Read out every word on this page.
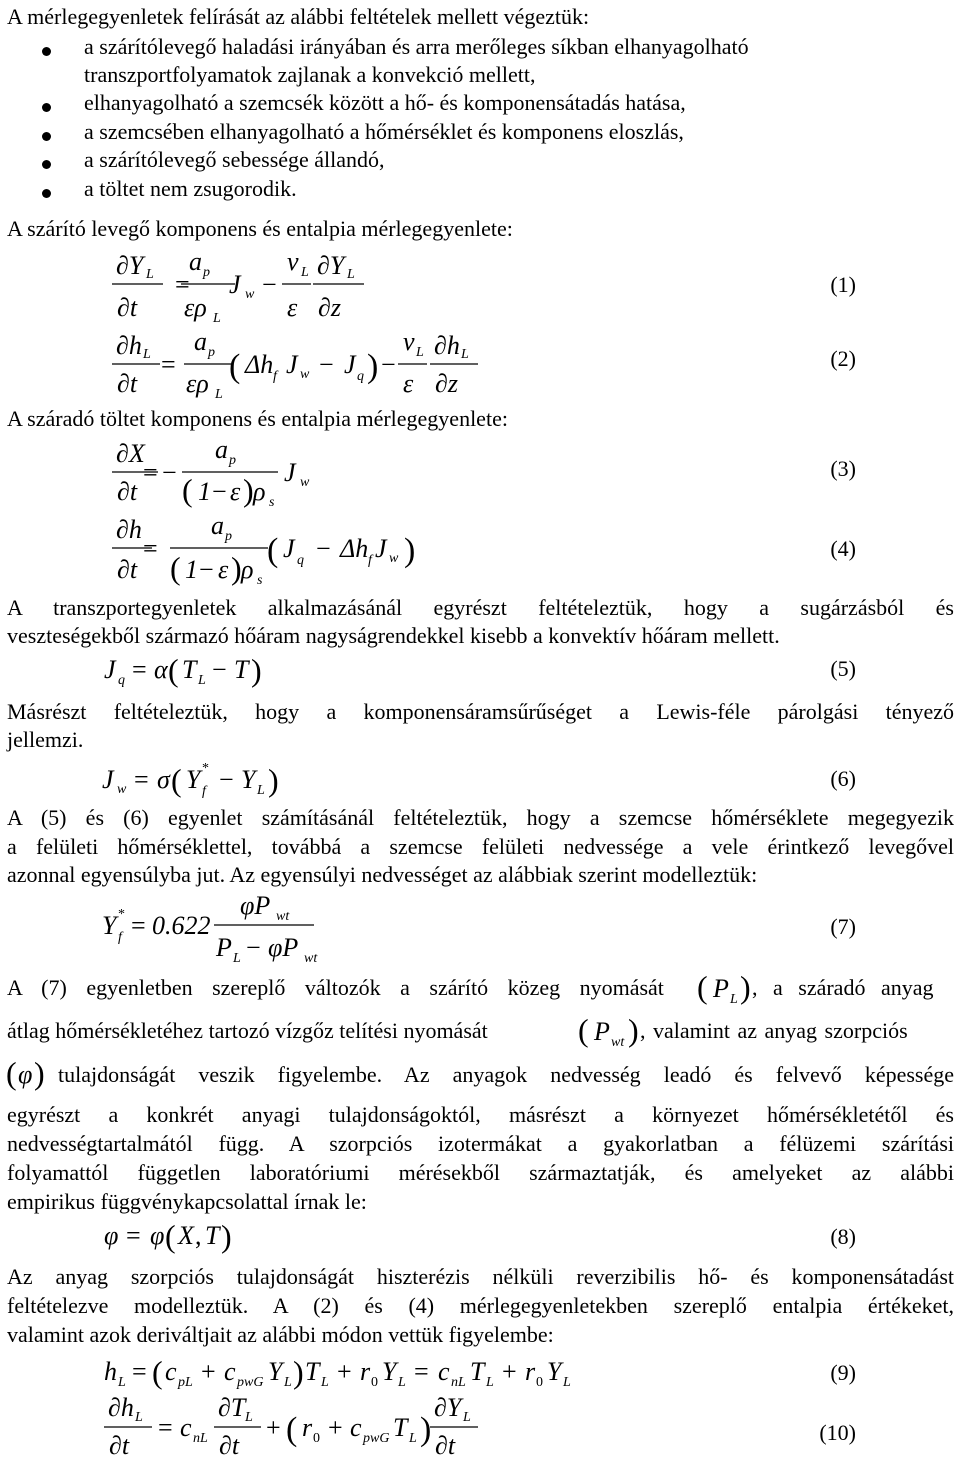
A mérlegegyenletek felírását az alábbi feltételek mellett végeztük:
a szárítólevegő haladási irányában és arra merőleges síkban elhanyagolható
transzportfolyamatok zajlanak a konvekció mellett,
elhanyagolható a szemcsék között a hő- és komponensátadás hatása,
a szemcsében elhanyagolható a hőmérséklet és komponens eloszlás,
a szárítólevegő sebessége állandó,
a töltet nem zsugorodik.
A szárító levegő komponens és entalpia mérlegegyenlete:
∂Y L
∂t
=
a p
ερ L
J w −
v L
ε
∂Y L
∂z
(1)
∂h L
∂t
=
a p
ερ L
( Δh f J w − J q ) −
v L
ε
∂h L
∂z
(2)
A száradó töltet komponens és entalpia mérlegegyenlete:
∂X
∂t
= −
a p
( 1 − ε ) ρ s
J w
(3)
∂h
∂t
=
a p
( 1 − ε ) ρ s
( J q − Δh f J w )	(4)
A transzportegyenletek alkalmazásánál egyrészt feltételeztük, hogy a sugárzásból és
veszteségekből származó hőáram nagyságrendekkel kisebb a konvektív hőáram mellett.
J q = α ( T L − T )	(5)
Másrészt feltételeztük, hogy a komponensáramsűrűséget a Lewis-féle párolgási tényező
jellemzi.
J w = σ ( Y *
f − Y L )	(6)
A (5) és (6) egyenlet számításánál feltételeztük, hogy a szemcse hőmérséklete megegyezik
a felületi hőmérséklettel, továbbá a szemcse felületi nedvessége a vele érintkező levegővel
azonnal egyensúlyba jut. Az egyensúlyi nedvességet az alábbiak szerint modelleztük:
Y *
f = 0.622
φP wt
P L − φP wt
(7)
A (7) egyenletben szereplő változók a szárító közeg nyomását ( P L ) , a száradó anyag
átlag hőmérsékletéhez tartozó vízgőz telítési nyomását	( P wt ) , valamint az anyag szorpciós
( φ ) tulajdonságát veszik figyelembe. Az anyagok nedvesség leadó és felvevő képessége
egyrészt a konkrét anyagi tulajdonságoktól, másrészt a környezet hőmérsékletétől és
nedvességtartalmától függ. A szorpciós izotermákat a gyakorlatban a félüzemi szárítási
folyamattól független laboratóriumi mérésekből származtatják, és amelyeket az alábbi
empirikus függvénykapcsolattal írnak le:
φ = φ ( X , T )	(8)
Az anyag szorpciós tulajdonságát hiszterézis nélküli reverzibilis hő- és komponensátadást
feltételezve modelleztük. A (2) és (4) mérlegegyenletekben szereplő entalpia értékeket,
valamint azok deriváltjait az alábbi módon vettük figyelembe:
h L = ( c pL + c pwG Y L ) T L + r 0 Y L = c nL T L + r 0 Y L	(9)
∂h L
∂t
= c nL
∂T L
∂t
+ ( r 0 + c pwG T L )
∂Y L
∂t	(10)
